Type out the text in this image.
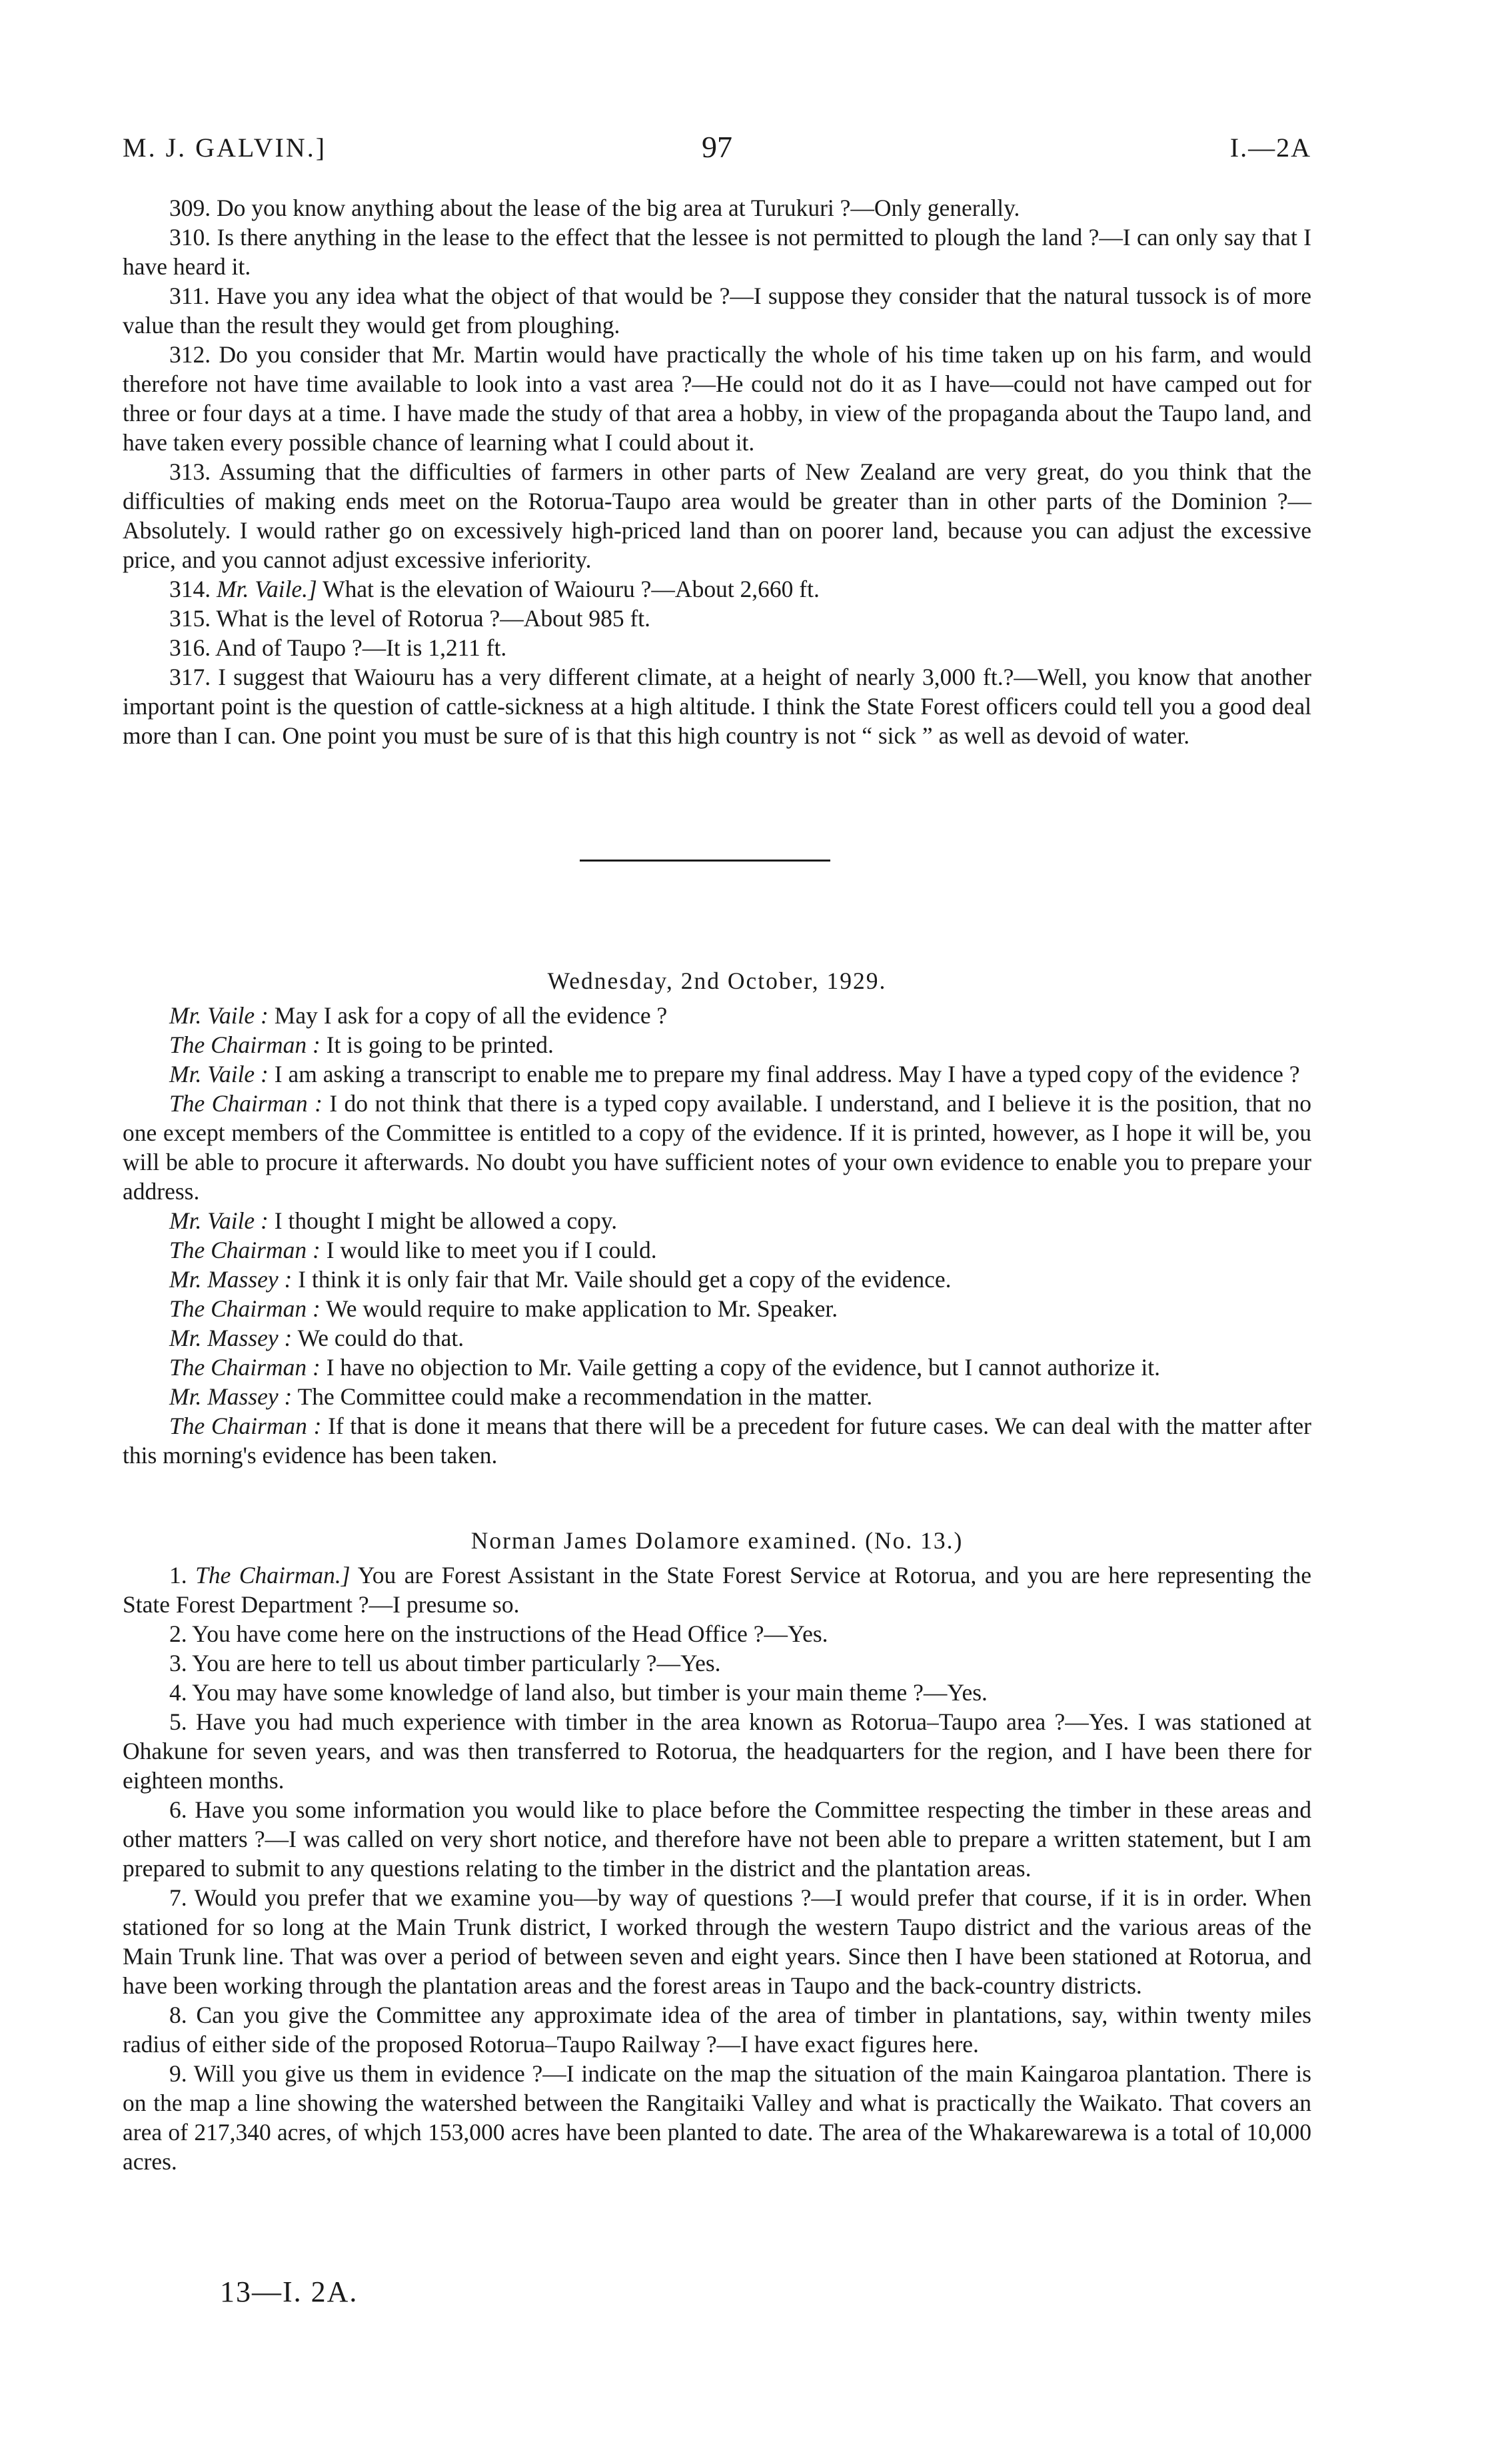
M. J. GALVIN.]	97	I.—2A

309. Do you know anything about the lease of the big area at Turukuri ?—Only generally.

310. Is there anything in the lease to the effect that the lessee is not permitted to plough the land ?—I can only say that I have heard it.

311. Have you any idea what the object of that would be ?—I suppose they consider that the natural tussock is of more value than the result they would get from ploughing.

312. Do you consider that Mr. Martin would have practically the whole of his time taken up on his farm, and would therefore not have time available to look into a vast area ?—He could not do it as I have—could not have camped out for three or four days at a time. I have made the study of that area a hobby, in view of the propaganda about the Taupo land, and have taken every possible chance of learning what I could about it.

313. Assuming that the difficulties of farmers in other parts of New Zealand are very great, do you think that the difficulties of making ends meet on the Rotorua-Taupo area would be greater than in other parts of the Dominion ?—Absolutely. I would rather go on excessively high-priced land than on poorer land, because you can adjust the excessive price, and you cannot adjust excessive inferiority.

314. Mr. Vaile.] What is the elevation of Waiouru ?—About 2,660 ft.

315. What is the level of Rotorua ?—About 985 ft.

316. And of Taupo ?—It is 1,211 ft.

317. I suggest that Waiouru has a very different climate, at a height of nearly 3,000 ft.?—Well, you know that another important point is the question of cattle-sickness at a high altitude. I think the State Forest officers could tell you a good deal more than I can. One point you must be sure of is that this high country is not “ sick ” as well as devoid of water.

Wednesday, 2nd October, 1929.

Mr. Vaile : May I ask for a copy of all the evidence ?

The Chairman : It is going to be printed.

Mr. Vaile : I am asking a transcript to enable me to prepare my final address. May I have a typed copy of the evidence ?

The Chairman : I do not think that there is a typed copy available. I understand, and I believe it is the position, that no one except members of the Committee is entitled to a copy of the evidence. If it is printed, however, as I hope it will be, you will be able to procure it afterwards. No doubt you have sufficient notes of your own evidence to enable you to prepare your address.

Mr. Vaile : I thought I might be allowed a copy.

The Chairman : I would like to meet you if I could.

Mr. Massey : I think it is only fair that Mr. Vaile should get a copy of the evidence.

The Chairman : We would require to make application to Mr. Speaker.

Mr. Massey : We could do that.

The Chairman : I have no objection to Mr. Vaile getting a copy of the evidence, but I cannot authorize it.

Mr. Massey : The Committee could make a recommendation in the matter.

The Chairman : If that is done it means that there will be a precedent for future cases. We can deal with the matter after this morning's evidence has been taken.

Norman James Dolamore examined. (No. 13.)

1. The Chairman.] You are Forest Assistant in the State Forest Service at Rotorua, and you are here representing the State Forest Department ?—I presume so.

2. You have come here on the instructions of the Head Office ?—Yes.

3. You are here to tell us about timber particularly ?—Yes.

4. You may have some knowledge of land also, but timber is your main theme ?—Yes.

5. Have you had much experience with timber in the area known as Rotorua–Taupo area ?—Yes. I was stationed at Ohakune for seven years, and was then transferred to Rotorua, the headquarters for the region, and I have been there for eighteen months.

6. Have you some information you would like to place before the Committee respecting the timber in these areas and other matters ?—I was called on very short notice, and therefore have not been able to prepare a written statement, but I am prepared to submit to any questions relating to the timber in the district and the plantation areas.

7. Would you prefer that we examine you—by way of questions ?—I would prefer that course, if it is in order. When stationed for so long at the Main Trunk district, I worked through the western Taupo district and the various areas of the Main Trunk line. That was over a period of between seven and eight years. Since then I have been stationed at Rotorua, and have been working through the plantation areas and the forest areas in Taupo and the back-country districts.

8. Can you give the Committee any approximate idea of the area of timber in plantations, say, within twenty miles radius of either side of the proposed Rotorua–Taupo Railway ?—I have exact figures here.

9. Will you give us them in evidence ?—I indicate on the map the situation of the main Kaingaroa plantation. There is on the map a line showing the watershed between the Rangitaiki Valley and what is practically the Waikato. That covers an area of 217,340 acres, of whjch 153,000 acres have been planted to date. The area of the Whakarewarewa is a total of 10,000 acres.

13—I. 2A.
